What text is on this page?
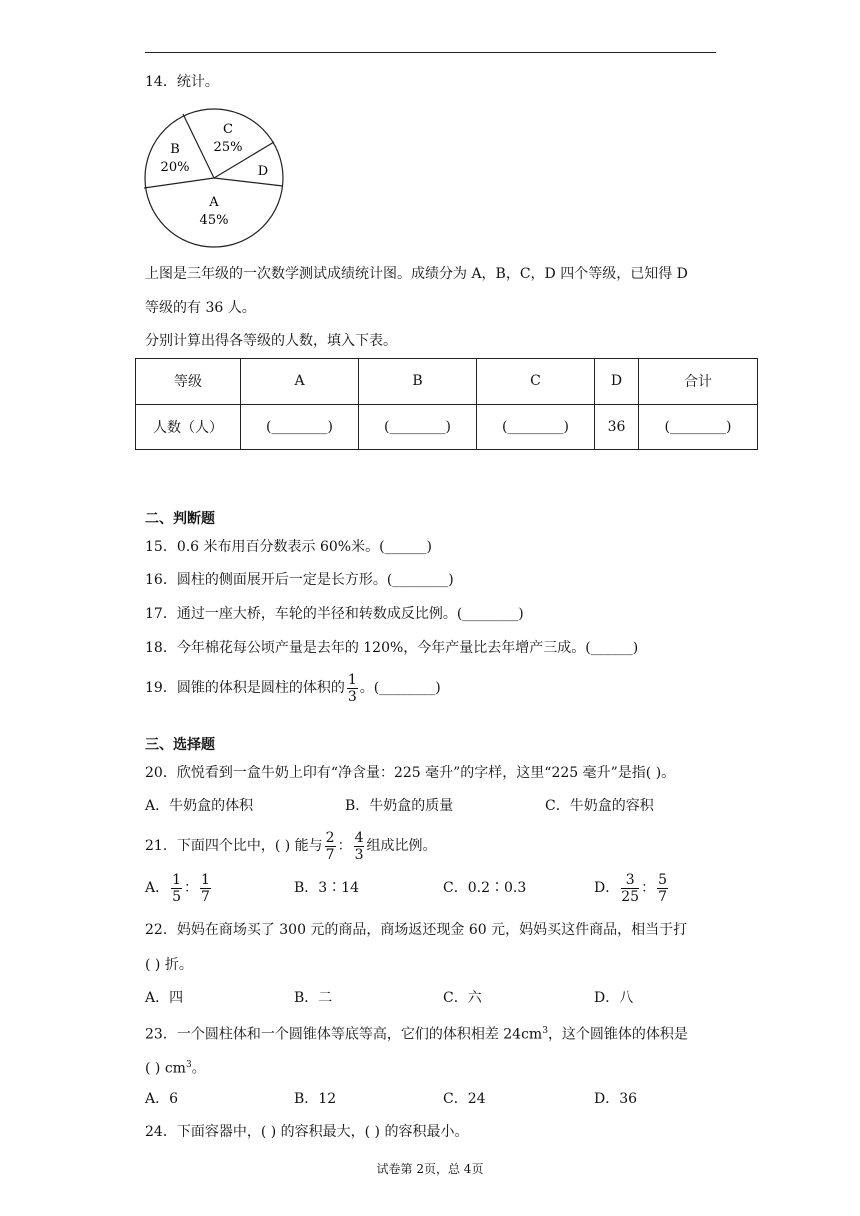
14．统计。
C
25%
B
20%	D
A
45%
上图是三年级的一次数学测试成绩统计图。成绩分为 A，B，C，D 四个等级，已知得 D
等级的有 36 人。
分别计算出得各等级的人数，填入下表。
等级	A	B	C	D	合计
人数（人）	(________)	(________)	(________)	36	(________)
二、判断题
15．0.6 米布用百分数表示 60%米。(______)
16．圆柱的侧面展开后一定是长方形。(________)
17．通过一座大桥，车轮的半径和转数成反比例。(________)
18．今年棉花每公顷产量是去年的 120%，今年产量比去年增产三成。(______)
19．圆锥的体积是圆柱的体积的 $\frac{1}{3}$ 。(________)
三、选择题
20．欣悦看到一盒牛奶上印有“净含量：225 毫升”的字样，这里“225 毫升”是指( )。
A．牛奶盒的体积	B．牛奶盒的质量	C．牛奶盒的容积
21．下面四个比中，( ) 能与 $\frac{2}{7}$ ： $\frac{4}{3}$ 组成比例。
A． $\frac{1}{5}$ ： $\frac{1}{7}$	B．3∶14	C．0.2∶0.3	D． $\frac{3}{25}$ ： $\frac{5}{7}$
22．妈妈在商场买了 300 元的商品，商场返还现金 60 元，妈妈买这件商品，相当于打
( ) 折。
A．四	B．二	C．六	D．八
23．一个圆柱体和一个圆锥体等底等高，它们的体积相差 $24cm^3$，这个圆锥体的体积是
( ) $cm^3$。
A．6	B．12	C．24	D．36
24．下面容器中，( ) 的容积最大，( ) 的容积最小。
试卷第 2页，总 4页
